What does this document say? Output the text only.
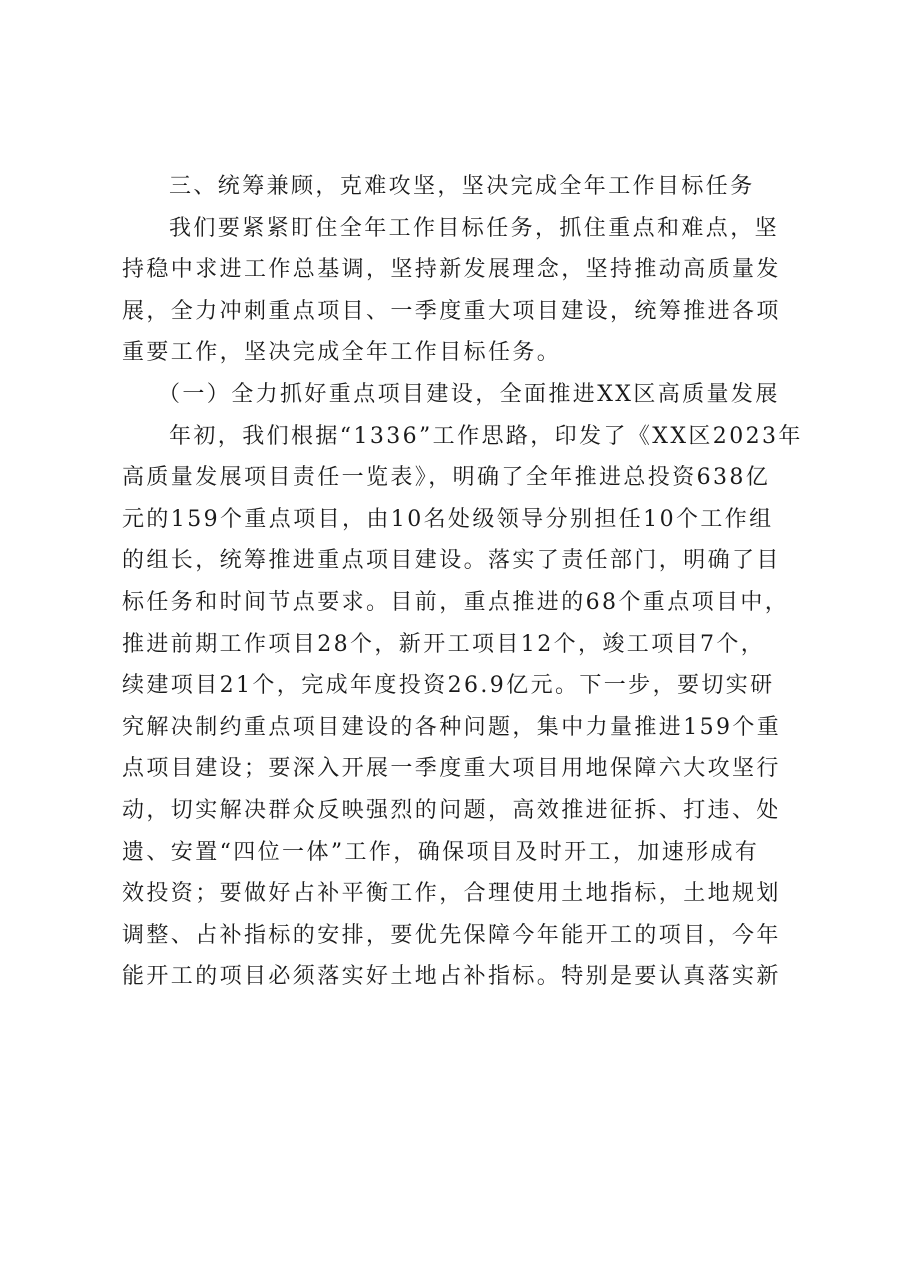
三、统筹兼顾，克难攻坚，坚决完成全年工作目标任务
我们要紧紧盯住全年工作目标任务，抓住重点和难点，坚
持稳中求进工作总基调，坚持新发展理念，坚持推动高质量发
展，全力冲刺重点项目、一季度重大项目建设，统筹推进各项
重要工作，坚决完成全年工作目标任务。
（一）全力抓好重点项目建设，全面推进XX区高质量发展
年初，我们根据“1336”工作思路，印发了《XX区2023年
高质量发展项目责任一览表》，明确了全年推进总投资638亿
元的159个重点项目，由10名处级领导分别担任10个工作组
的组长，统筹推进重点项目建设。落实了责任部门，明确了目
标任务和时间节点要求。目前，重点推进的68个重点项目中，
推进前期工作项目28个，新开工项目12个，竣工项目7个，
续建项目21个，完成年度投资26.9亿元。下一步，要切实研
究解决制约重点项目建设的各种问题，集中力量推进159个重
点项目建设；要深入开展一季度重大项目用地保障六大攻坚行
动，切实解决群众反映强烈的问题，高效推进征拆、打违、处
遗、安置“四位一体”工作，确保项目及时开工，加速形成有
效投资；要做好占补平衡工作，合理使用土地指标，土地规划
调整、占补指标的安排，要优先保障今年能开工的项目，今年
能开工的项目必须落实好土地占补指标。特别是要认真落实新
